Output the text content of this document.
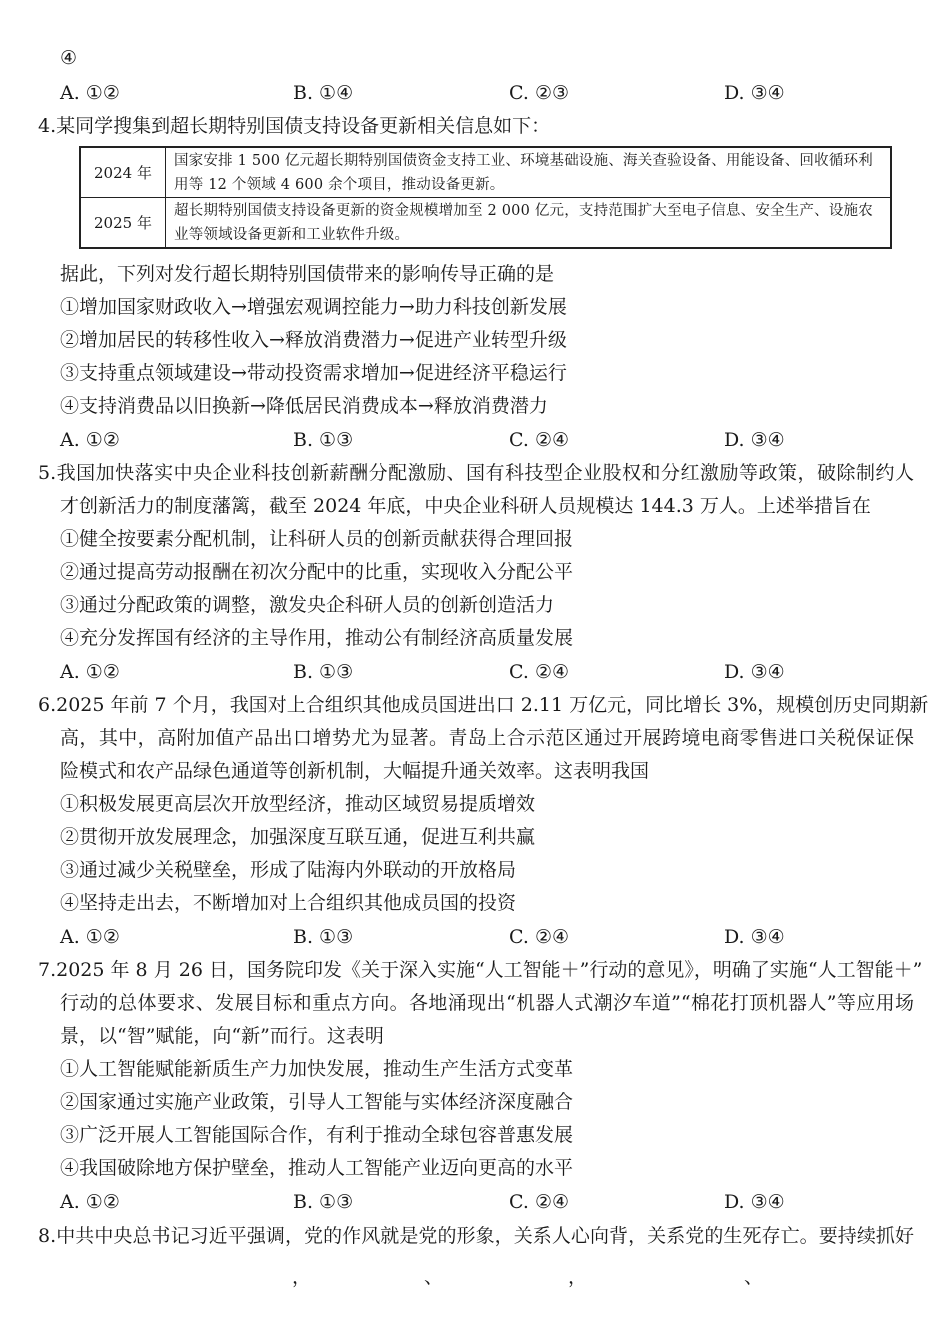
④
A. ①②	B. ①④	C. ②③	D. ③④
4.某同学搜集到超长期特别国债支持设备更新相关信息如下：
2024 年	国家安排 1 500 亿元超长期特别国债资金支持工业、环境基础设施、海关查验设备、用能设备、回收循环利用等 12 个领域 4 600 余个项目，推动设备更新。
2025 年	超长期特别国债支持设备更新的资金规模增加至 2 000 亿元，支持范围扩大至电子信息、安全生产、设施农业等领域设备更新和工业软件升级。
据此，下列对发行超长期特别国债带来的影响传导正确的是
①增加国家财政收入→增强宏观调控能力→助力科技创新发展
②增加居民的转移性收入→释放消费潜力→促进产业转型升级
③支持重点领域建设→带动投资需求增加→促进经济平稳运行
④支持消费品以旧换新→降低居民消费成本→释放消费潜力
A. ①②	B. ①③	C. ②④	D. ③④
5.我国加快落实中央企业科技创新薪酬分配激励、国有科技型企业股权和分红激励等政策，破除制约人
才创新活力的制度藩篱，截至 2024 年底，中央企业科研人员规模达 144.3 万人。上述举措旨在
①健全按要素分配机制，让科研人员的创新贡献获得合理回报
②通过提高劳动报酬在初次分配中的比重，实现收入分配公平
③通过分配政策的调整，激发央企科研人员的创新创造活力
④充分发挥国有经济的主导作用，推动公有制经济高质量发展
A. ①②	B. ①③	C. ②④	D. ③④
6.2025 年前 7 个月，我国对上合组织其他成员国进出口 2.11 万亿元，同比增长 3%，规模创历史同期新
高，其中，高附加值产品出口增势尤为显著。青岛上合示范区通过开展跨境电商零售进口关税保证保
险模式和农产品绿色通道等创新机制，大幅提升通关效率。这表明我国
①积极发展更高层次开放型经济，推动区域贸易提质增效
②贯彻开放发展理念，加强深度互联互通，促进互利共赢
③通过减少关税壁垒，形成了陆海内外联动的开放格局
④坚持走出去，不断增加对上合组织其他成员国的投资
A. ①②	B. ①③	C. ②④	D. ③④
7.2025 年 8 月 26 日，国务院印发《关于深入实施“人工智能＋”行动的意见》，明确了实施“人工智能＋”
行动的总体要求、发展目标和重点方向。各地涌现出“机器人式潮汐车道”“棉花打顶机器人”等应用场
景，以“智”赋能，向“新”而行。这表明
①人工智能赋能新质生产力加快发展，推动生产生活方式变革
②国家通过实施产业政策，引导人工智能与实体经济深度融合
③广泛开展人工智能国际合作，有利于推动全球包容普惠发展
④我国破除地方保护壁垒，推动人工智能产业迈向更高的水平
A. ①②	B. ①③	C. ②④	D. ③④
8.中共中央总书记习近平强调，党的作风就是党的形象，关系人心向背，关系党的生死存亡。要持续抓好
，	、	，	、
